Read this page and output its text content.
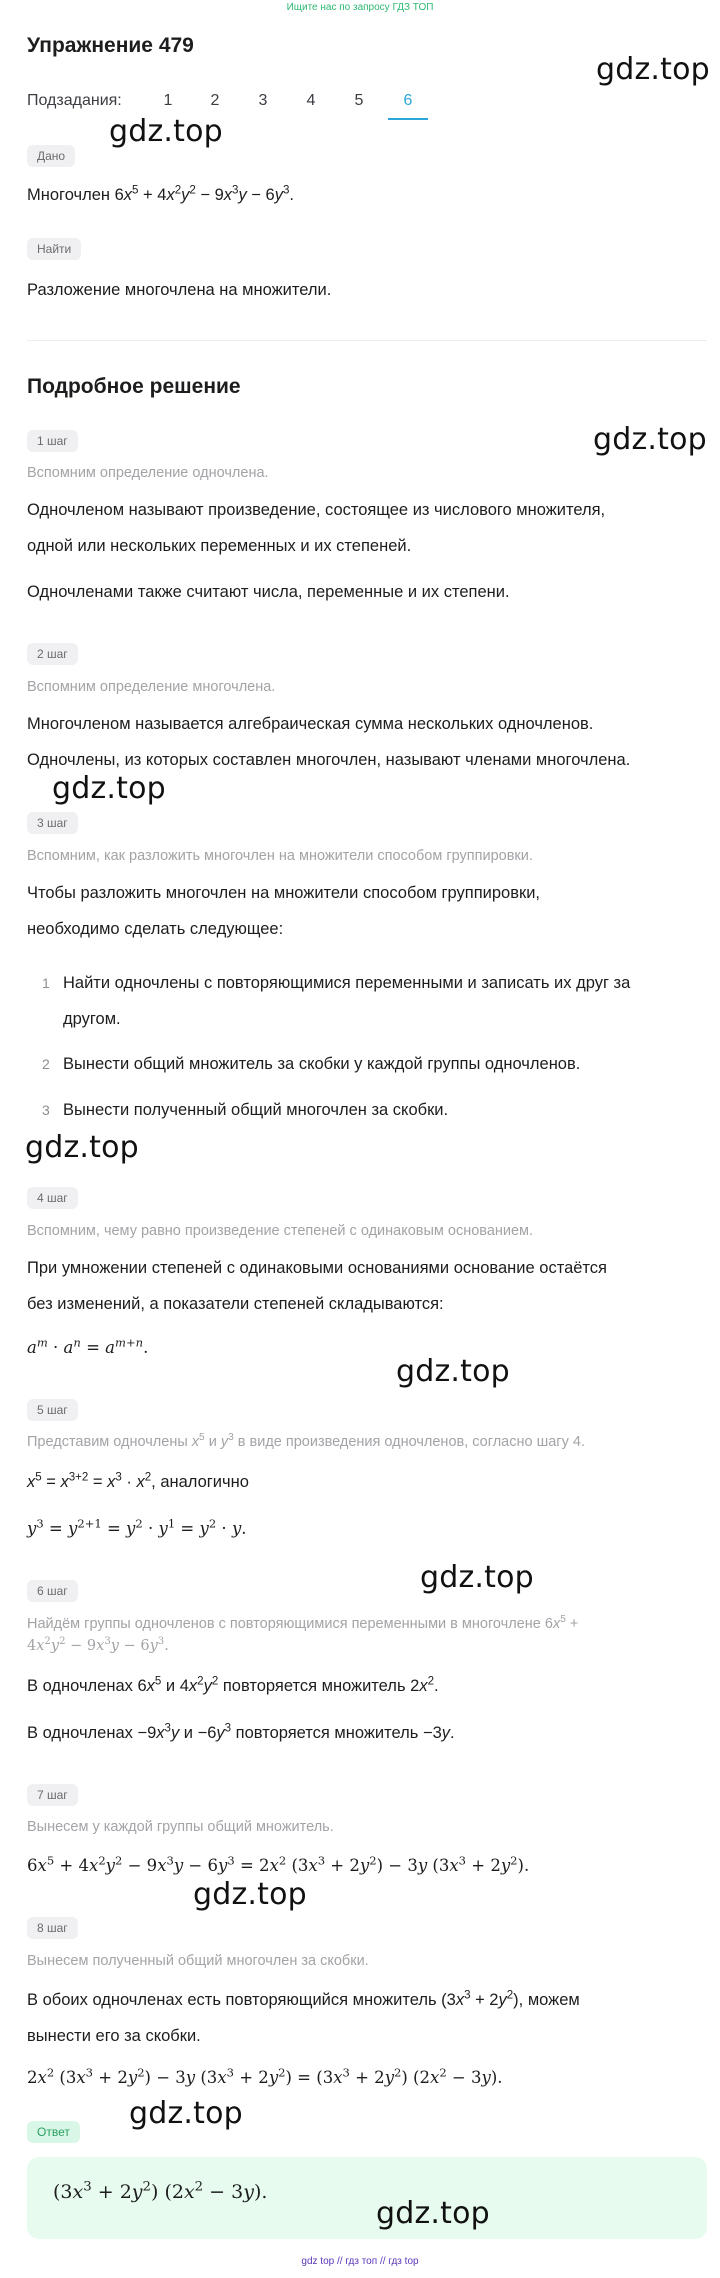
Ищите нас по запросу ГДЗ ТОП
Упражнение 479
Подзадания:	1	2	3	4	5	6
Дано
Многочлен $6x^5 + 4x^2y^2 - 9x^3y - 6y^3$.
Найти
Разложение многочлена на множители.
Подробное решение
1 шаг
Вспомним определение одночлена.
Одночленом называют произведение, состоящее из числового множителя,
одной или нескольких переменных и их степеней.
Одночленами также считают числа, переменные и их степени.
2 шаг
Вспомним определение многочлена.
Многочленом называется алгебраическая сумма нескольких одночленов.
Одночлены, из которых составлен многочлен, называют членами многочлена.
3 шаг
Вспомним, как разложить многочлен на множители способом группировки.
Чтобы разложить многочлен на множители способом группировки,
необходимо сделать следующее:
1 Найти одночлены с повторяющимися переменными и записать их друг за
другом.
2 Вынести общий множитель за скобки у каждой группы одночленов.
3 Вынести полученный общий многочлен за скобки.
4 шаг
Вспомним, чему равно произведение степеней с одинаковым основанием.
При умножении степеней с одинаковыми основаниями основание остаётся
без изменений, а показатели степеней складываются:
$a^m \cdot a^n = a^{m+n}$.
5 шаг
Представим одночлены $x^5$ и $y^3$ в виде произведения одночленов, согласно шагу 4.
$x^5 = x^{3+2} = x^3 \cdot x^2$, аналогично
$y^3 = y^{2+1} = y^2 \cdot y^1 = y^2 \cdot y$.
6 шаг
Найдём группы одночленов с повторяющимися переменными в многочлене $6x^5$ +
$4x^2y^2 - 9x^3y - 6y^3$.
В одночленах $6x^5$ и $4x^2y^2$ повторяется множитель $2x^2$.
В одночленах $-9x^3y$ $и -6y^3$ повторяется множитель −3y.
7 шаг
Вынесем у каждой группы общий множитель.
$6x^5 + 4x^2y^2 - 9x^3y - 6y^3 = 2x^2$ $(3x^3 + 2y^2) - 3y$ $(3x^3 + 2y^2)$.
8 шаг
Вынесем полученный общий многочлен за скобки.
В обоих одночленах есть повторяющийся множитель $(3x^3 + 2y^2)$, можем
вынести его за скобки.
$2x^2$ $(3x^3 + 2y^2) - 3y$ $(3x^3 + 2y^2) = (3x^3 + 2y^2) (2x^2 - 3y)$.
Ответ
$(3x^3 + 2y^2) (2x^2 - 3y)$.
gdz.top
gdz.top
gdz.top
gdz.top
gdz.top
gdz.top
gdz.top
gdz.top
gdz.top
gdz.top
gdz top // гдз топ // гдз top
